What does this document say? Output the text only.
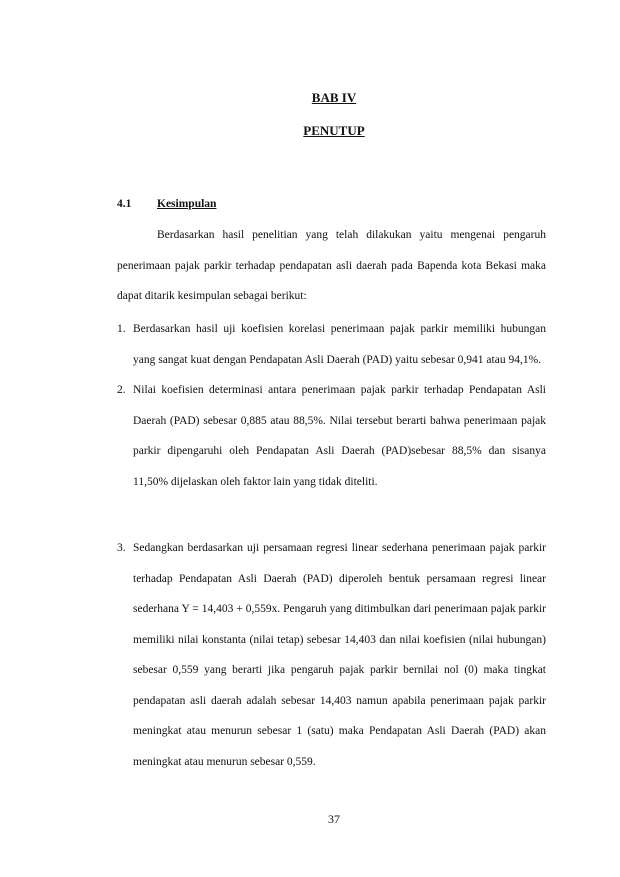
BAB IV
PENUTUP
4.1 Kesimpulan

Berdasarkan hasil penelitian yang telah dilakukan yaitu mengenai pengaruh penerimaan pajak parkir terhadap pendapatan asli daerah pada Bapenda kota Bekasi maka dapat ditarik kesimpulan sebagai berikut:

1. Berdasarkan hasil uji koefisien korelasi penerimaan pajak parkir memiliki hubungan yang sangat kuat dengan Pendapatan Asli Daerah (PAD) yaitu sebesar 0,941 atau 94,1%.
2. Nilai koefisien determinasi antara penerimaan pajak parkir terhadap Pendapatan Asli Daerah (PAD) sebesar 0,885 atau 88,5%. Nilai tersebut berarti bahwa penerimaan pajak parkir dipengaruhi oleh Pendapatan Asli Daerah (PAD)sebesar 88,5% dan sisanya 11,50% dijelaskan oleh faktor lain yang tidak diteliti.
3. Sedangkan berdasarkan uji persamaan regresi linear sederhana penerimaan pajak parkir terhadap Pendapatan Asli Daerah (PAD) diperoleh bentuk persamaan regresi linear sederhana Y = 14,403 + 0,559x. Pengaruh yang ditimbulkan dari penerimaan pajak parkir memiliki nilai konstanta (nilai tetap) sebesar 14,403 dan nilai koefisien (nilai hubungan) sebesar 0,559 yang berarti jika pengaruh pajak parkir bernilai nol (0) maka tingkat pendapatan asli daerah adalah sebesar 14,403 namun apabila penerimaan pajak parkir meningkat atau menurun sebesar 1 (satu) maka Pendapatan Asli Daerah (PAD) akan meningkat atau menurun sebesar 0,559.
37
